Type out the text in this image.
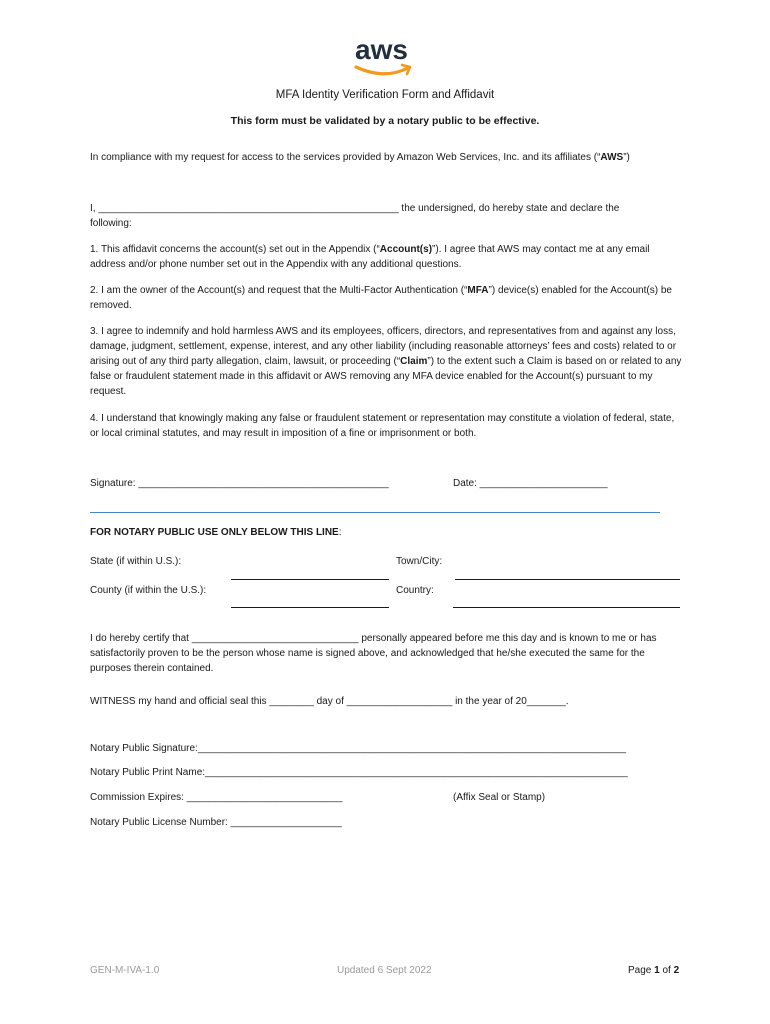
aws
MFA Identity Verification Form and Affidavit
This form must be validated by a notary public to be effective.

In compliance with my request for access to the services provided by Amazon Web Services, Inc. and its affiliates (“AWS”)

I, ______________________________________________________ the undersigned, do hereby state and declare the
following:

1. This affidavit concerns the account(s) set out in the Appendix (“Account(s)”). I agree that AWS may contact me at any email address and/or phone number set out in the Appendix with any additional questions.

2. I am the owner of the Account(s) and request that the Multi-Factor Authentication (“MFA”) device(s) enabled for the Account(s) be removed.

3. I agree to indemnify and hold harmless AWS and its employees, officers, directors, and representatives from and against any loss, damage, judgment, settlement, expense, interest, and any other liability (including reasonable attorneys’ fees and costs) related to or arising out of any third party allegation, claim, lawsuit, or proceeding (“Claim”) to the extent such a Claim is based on or related to any false or fraudulent statement made in this affidavit or AWS removing any MFA device enabled for the Account(s) pursuant to my request.

4. I understand that knowingly making any false or fraudulent statement or representation may constitute a violation of federal, state, or local criminal statutes, and may result in imposition of a fine or imprisonment or both.

Signature: _____________________________________________	Date: _______________________
FOR NOTARY PUBLIC USE ONLY BELOW THIS LINE:
State (if within U.S.):	Town/City:
County (if within the U.S.):	Country:

I do hereby certify that ______________________________ personally appeared before me this day and is known to me or has satisfactorily proven to be the person whose name is signed above, and acknowledged that he/she executed the same for the purposes therein contained.

WITNESS my hand and official seal this ________ day of ___________________ in the year of 20_______.
Notary Public Signature:_____________________________________________________________________________
Notary Public Print Name:____________________________________________________________________________
Commission Expires: ____________________________	(Affix Seal or Stamp)
Notary Public License Number: ____________________
GEN-M-IVA-1.0	Updated 6 Sept 2022	Page 1 of 2
